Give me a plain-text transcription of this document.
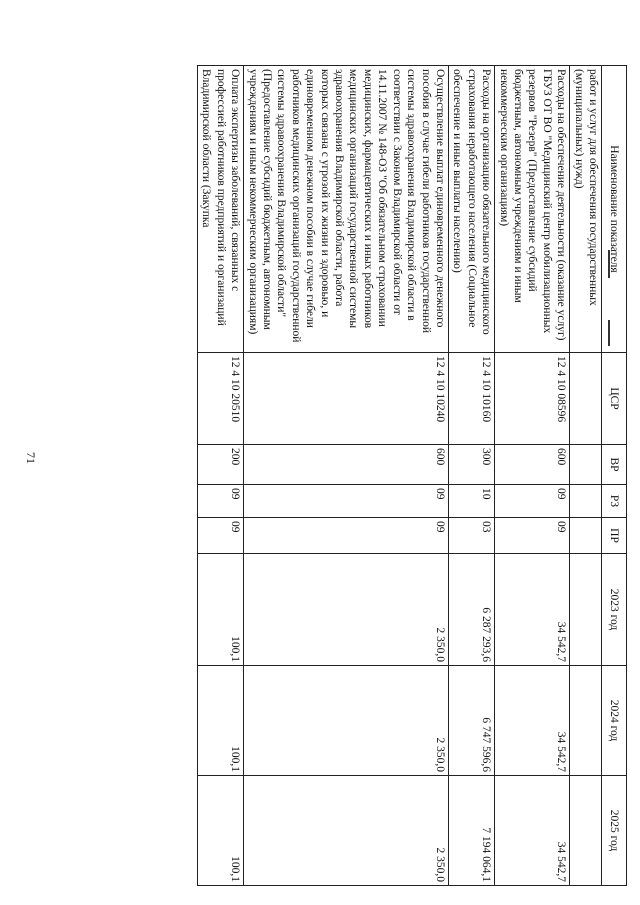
71
Наименование показателя	ЦСР	ВР	РЗ	ПР	2023 год	2024 год	2025 год
работ и услуг для обеспечения государственных (муниципальных) нужд)							
Расходы на обеспечение деятельности (оказание услуг) ГБУЗ ОТ ВО "Медицинский центр мобилизационных резервов "Резерв" (Предоставление субсидий бюджетным, автономным учреждениям и иным некоммерческим организациям)	12 4 10 08596	600	09	09	34 542,7	34 542,7	34 542,7
Расходы на организацию обязательного медицинского страхования неработающего населения (Социальное обеспечение и иные выплаты населению)	12 4 10 10160	300	10	03	6 287 293,6	6 747 596,6	7 194 064,1
Осуществление выплат единовременного денежного пособия в случае гибели работников государственной системы здравоохранения Владимирской области в соответствии с Законом Владимирской области от 14.11.2007 № 148-ОЗ "Об обязательном страховании медицинских, фармацевтических и иных работников медицинских организаций государственной системы здравоохранения Владимирской области, работа которых связана с угрозой их жизни и здоровью, и единовременном денежном пособии в случае гибели работников медицинских организаций государственной системы здравоохранения Владимирской области" (Предоставление субсидий бюджетным, автономным учреждениям и иным некоммерческим организациям)	12 4 10 10240	600	09	09	2 350,0	2 350,0	2 350,0
Оплата экспертизы заболеваний, связанных с профессией работников предприятий и организаций Владимирской области (Закупка	12 4 10 20510	200	09	09	100,1	100,1	100,1
